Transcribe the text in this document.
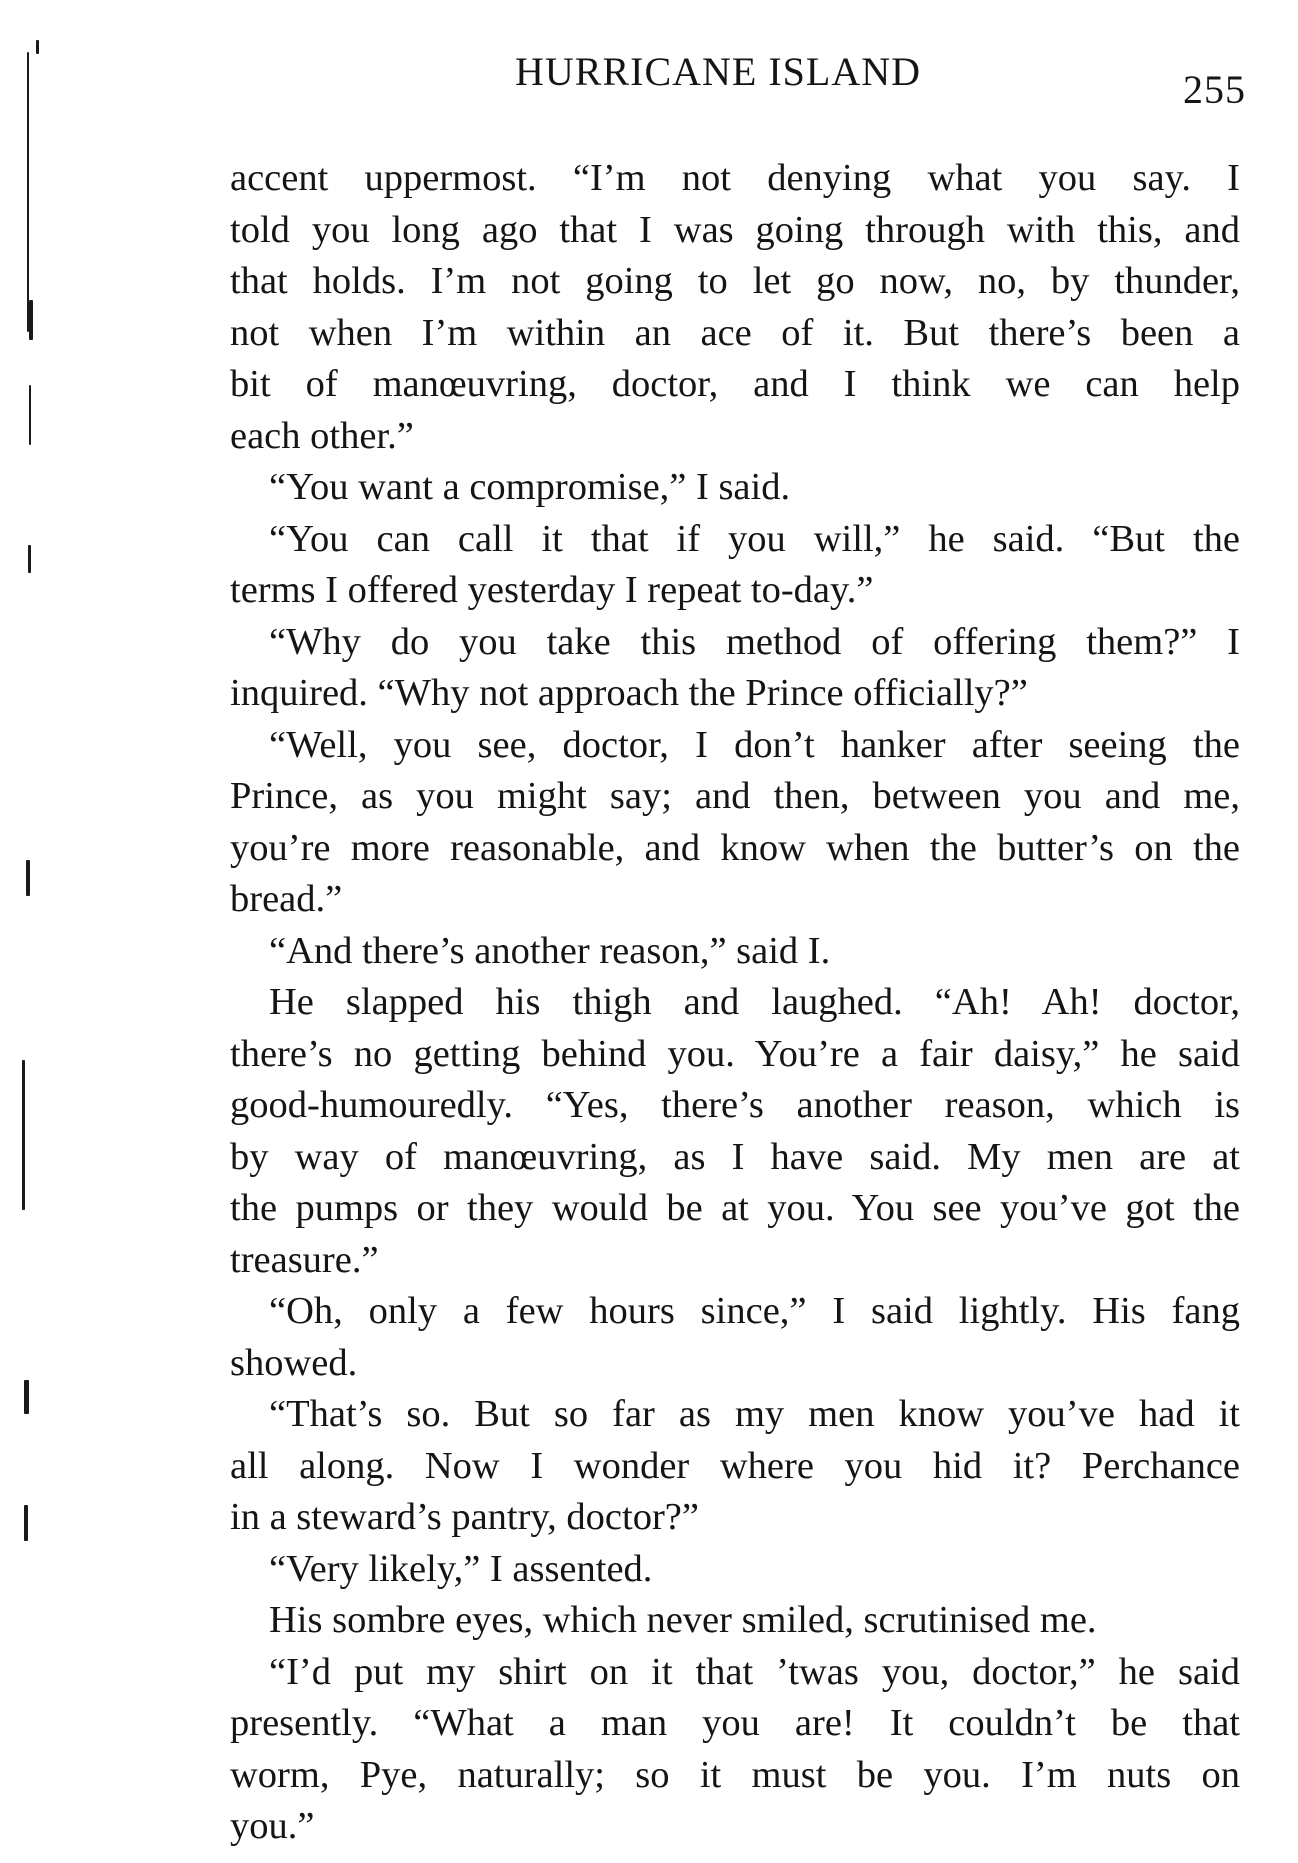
HURRICANE ISLAND	255
accent uppermost. “I’m not denying what you say. I
told you long ago that I was going through with this, and
that holds. I’m not going to let go now, no, by thunder,
not when I’m within an ace of it. But there’s been a
bit of manœuvring, doctor, and I think we can help
each other.”
“You want a compromise,” I said.
“You can call it that if you will,” he said. “But the
terms I offered yesterday I repeat to-day.”
“Why do you take this method of offering them?” I
inquired. “Why not approach the Prince officially?”
“Well, you see, doctor, I don’t hanker after seeing the
Prince, as you might say; and then, between you and me,
you’re more reasonable, and know when the butter’s on the
bread.”
“And there’s another reason,” said I.
He slapped his thigh and laughed. “Ah! Ah! doctor,
there’s no getting behind you. You’re a fair daisy,” he said
good-humouredly. “Yes, there’s another reason, which is
by way of manœuvring, as I have said. My men are at
the pumps or they would be at you. You see you’ve got the
treasure.”
“Oh, only a few hours since,” I said lightly. His fang
showed.
“That’s so. But so far as my men know you’ve had it
all along. Now I wonder where you hid it? Perchance
in a steward’s pantry, doctor?”
“Very likely,” I assented.
His sombre eyes, which never smiled, scrutinised me.
“I’d put my shirt on it that ’twas you, doctor,” he said
presently. “What a man you are! It couldn’t be that
worm, Pye, naturally; so it must be you. I’m nuts on
you.”
